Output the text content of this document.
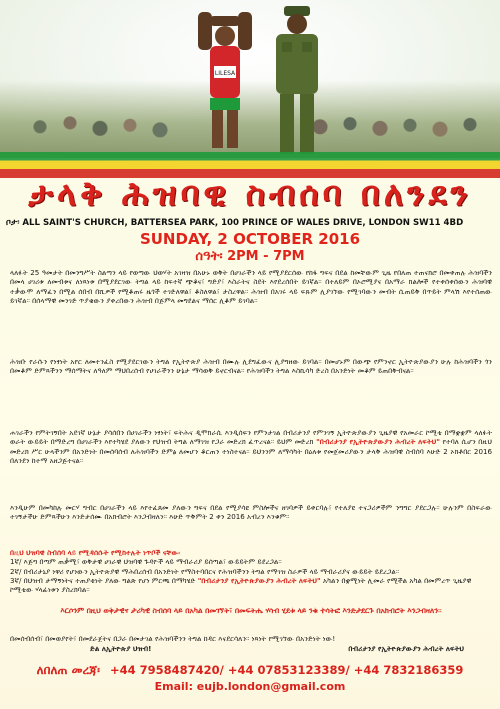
LILESA
ታላቅ ሕዝባዊ ስብሰባ በለንደን
ቦታ፡ ALL SAINT'S CHURCH, BATTERSEA PARK, 100 PRINCE OF WALES DRIVE, LONDON SW11 4BD
SUNDAY, 2 OCTOBER 2016
ሰዓት፡ 2PM - 7PM
ላለፉት 25 ዓመታት በመንግሥት ስልጣን ላይ የወጣው ህወሃት አገዛዝ በአሁኑ ወቅት በሀገራችን ላይ የሚያደርሰው የከፋ ግፍና በደል ከመቸውም ጊዜ የበለጠ ተጠናክሮ በመቀጠሉ ሕዝባችን በመላ ሀገሪቱ ለመብቱና ለነጻነቱ በሚያደርገው ትግል ላይ ከፍተኛ ጭቆና፣ ግድያ፣ እስራትና ስደት እየደረሰበት ይገኛል። በተለይም በኦሮሚያና በአማራ ክልሎች የተቀሰቀሰውን ሕዝባዊ ተቃውሞ ለማፈን በሚል ሰበብ በሺዎች የሚቆጠሩ ዜጎች ተገድለዋል፣ ቆስለዋል፣ ታስረዋል። ሕዝብ በአገሩ ላይ ፍጹም ሊያገኘው የሚገባውን መብት ሲጠይቅ በጥይት ምላሽ እየተሰጠው ይገኛል። በሰላማዊ መንገድ ጥያቄውን ያቀረበውን ሕዝብ በጅምላ መግደልና ማሰር ሊቆም ይገባል።
ሕዝቡ የራሱን የነፃነት አየር ለመተንፈስ የሚያደርገውን ትግል የኢትዮጵያ ሕዝብ በሙሉ ሊደግፈውና ሊያግዘው ይገባል። በመሆኑም በውጭ የምንኖር ኢትዮጵያውያን ሁሉ ከሕዝባችን ጎን በመቆም ድምጻችንን ማሰማትና ለዓለም ማህበረሰብ የሀገራችንን ሁኔታ ማሳወቅ ይኖርብናል። የሕዝባችን ትግል እስኪሳካ ድረስ በአንድነት መቆም ይጠበቅብናል።
ሐገራችን የምትገኝበት አደገኛ ሁኔታ ያሳሰበን በሀገራችን ነፃነት፣ ፍትሕና ዲሞክራሲ እንዲሰፍን የምንታገል በብሪታንያ የምንገኝ ኢትዮጵያውያን ጊዜያዊ የአመራር ኮሚቴ በማቋቋም ላለፉት ወራት ውይይት በማድረግ በሀገራችን እየተካሄደ ያለውን የህዝብ ትግል ለማገዝ የጋራ መድረክ ፈጥረናል። ይህም መድረክ "በብሪታንያ የኢትዮጵያውያን ሕብረት ለፍትህ" የተባለ ሲሆን በዚህ መድረክ ሥር ሁላችንም በአንድነት በመሰባሰብ ለሕዝባችን ድምፅ ለመሆን ቆርጠን ተነስተናል። ይህንንም ለማሳካት በዕለቱ የመጀመሪያውን ታላቅ ሕዝባዊ ስብሰባ እሁድ 2 ኦክቶበር 2016 በለንደን ከተማ አዘጋጅተናል።
እንዲሁም በመካከሉ መርሃ ግብር በሀገራችን ላይ እየተፈጸመ ያለውን ግፍና በደል የሚያሳዩ ምስሎችና ዘገባዎች ይቀርባሉ፣ የተለያዩ ተናጋሪዎችም ንግግር ያደርጋሉ። ሁሉንም በስፍራው ተገኝታችሁ ድምጻችሁን እንድታሰሙ በአክብሮት እንጋብዛለን። እሁድ ጥቅምት 2 ቀን 2016 አብረን እንቁም።
በዚህ ህዝባዊ ስብሰባ ላይ የሚዳሰሱት የሚከተሉት ነጥቦች ናቸው፡
1ኛ/ እጅግ በጣም ጠቃሚ፣ ወቅታዊ ሀገራዊ ህዝባዊ ጉዳዮች ላይ ማብራሪያ ይሰጣል፣ ውይይትም ይደረጋል።
2ኛ/ በብሪታኒያ ነዋሪ የሆነውን ኢትዮጵያዊ ማሕበረሰብ በአንድነት የማስተባበርና የሕዝባችንን ትግል የማገዝ ስራዎች ላይ ማብራሪያና ውይይት ይደረጋል።
3ኛ/ በህዝብ ታማኝነትና ተጠያቂነት ያለው ግልጽ የሆነ ምርጫ በማካሄድ "በብሪታንያ የኢትዮጵያውያን ሕብረት ለፍትህ" አካልን በቋሚነት ሊመራ የሚችል አካል በመምረጥ ጊዜያዊ ኮሚቴው ሃላፊነቱን ያስረክባል።
እርሶንም በዚህ ወቅታዊና ታሪካዊ ስብሰባ ላይ በአካል በመገኘት፣ በመፍትሔ ሃሳብ ሂደቱ ላይ ንቁ ተሳትፎ እንድታደርጉ በአክብሮት እንጋብዛለን።
በመሰብሰብ፣ በመወያየት፣ በመደራጀትና በጋራ በመታገል የሕዝባችንን ትግል ከዳር እናደርሳለን። ነጻነት የሚገኘው በአንድነት ነው!
ድል ለኢትዮጵያ ህዝብ!	በብሪታንያ የኢትዮጵያውያን ሕብረት ለፍትህ
ለበለጠ መረጃ፡ +44 7958487420/ +44 07853123389/ +44 7832186359
Email: eujb.london@gmail.com
